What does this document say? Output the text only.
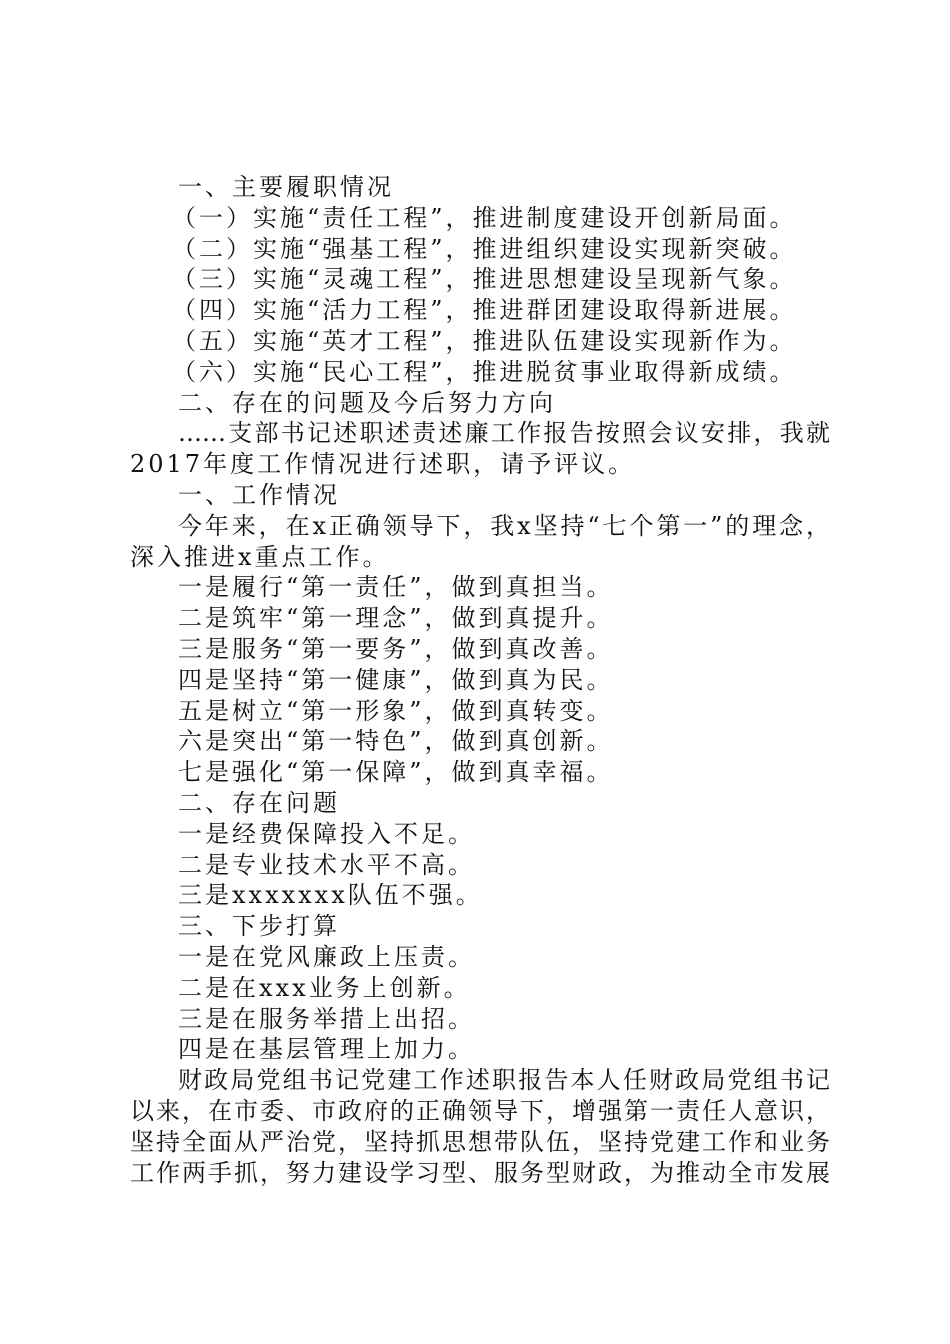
一、主要履职情况
（一）实施“责任工程”，推进制度建设开创新局面。
（二）实施“强基工程”，推进组织建设实现新突破。
（三）实施“灵魂工程”，推进思想建设呈现新气象。
（四）实施“活力工程”，推进群团建设取得新进展。
（五）实施“英才工程”，推进队伍建设实现新作为。
（六）实施“民心工程”，推进脱贫事业取得新成绩。
二、存在的问题及今后努力方向
……支部书记述职述责述廉工作报告按照会议安排，我就
2017年度工作情况进行述职，请予评议。
一、工作情况
今年来，在x正确领导下，我x坚持“七个第一”的理念，
深入推进x重点工作。
一是履行“第一责任”，做到真担当。
二是筑牢“第一理念”，做到真提升。
三是服务“第一要务”，做到真改善。
四是坚持“第一健康”，做到真为民。
五是树立“第一形象”，做到真转变。
六是突出“第一特色”，做到真创新。
七是强化“第一保障”，做到真幸福。
二、存在问题
一是经费保障投入不足。
二是专业技术水平不高。
三是xxxxxxx队伍不强。
三、下步打算
一是在党风廉政上压责。
二是在xxx业务上创新。
三是在服务举措上出招。
四是在基层管理上加力。
财政局党组书记党建工作述职报告本人任财政局党组书记
以来，在市委、市政府的正确领导下，增强第一责任人意识，
坚持全面从严治党，坚持抓思想带队伍，坚持党建工作和业务
工作两手抓，努力建设学习型、服务型财政，为推动全市发展
